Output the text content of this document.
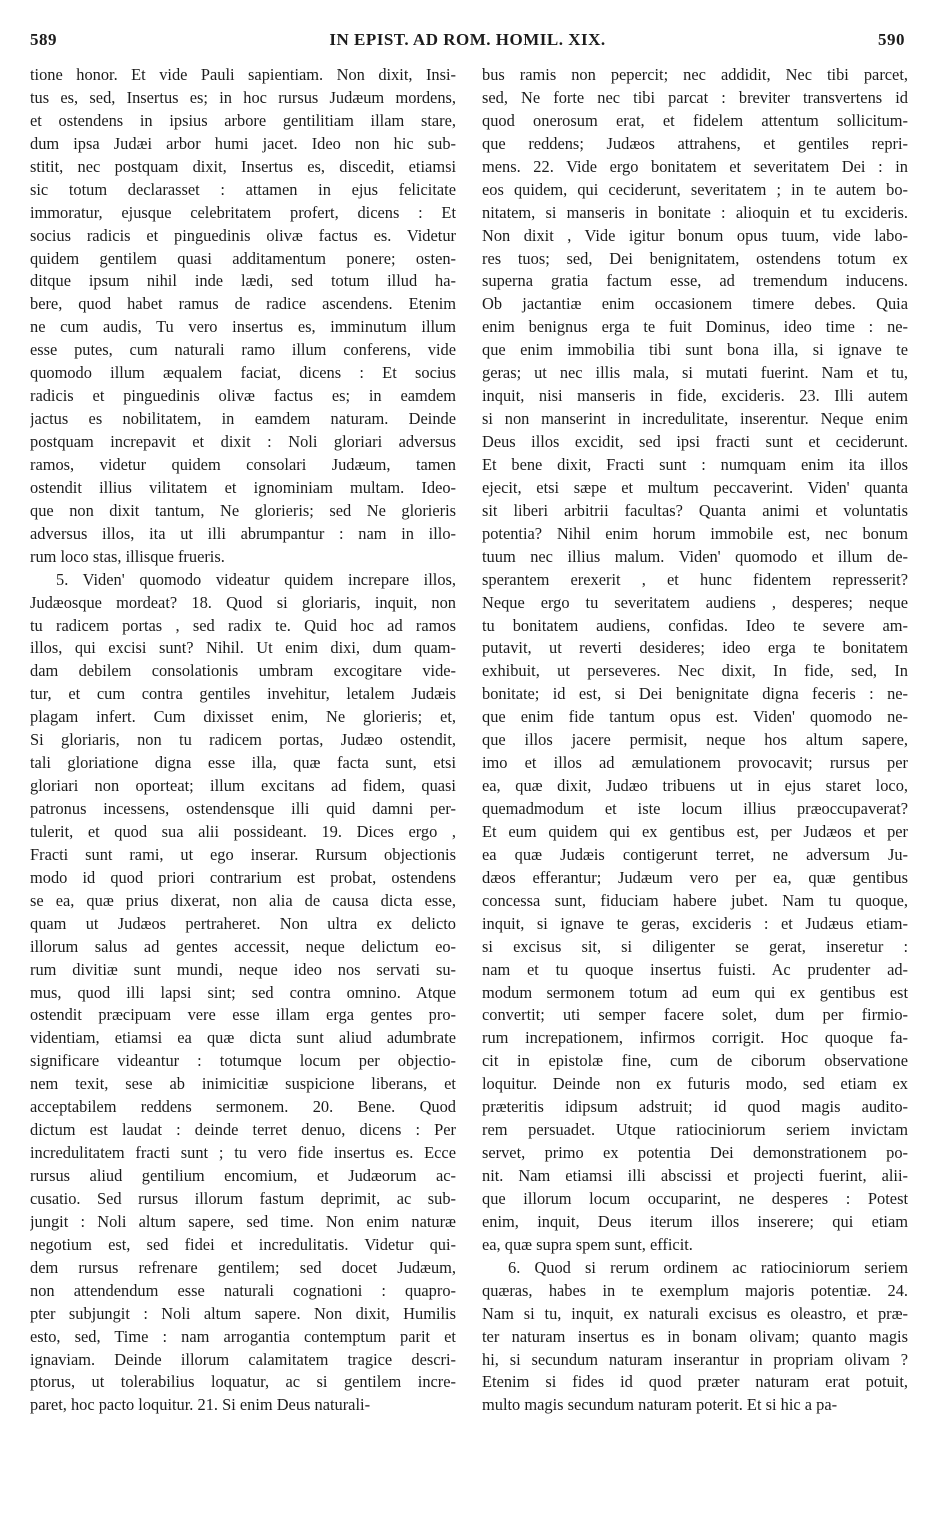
589	IN EPIST. AD ROM. HOMIL. XIX.	590
tione honor. Et vide Pauli sapientiam. Non dixit, Insi-
tus es, sed, Insertus es; in hoc rursus Judæum mordens,
et ostendens in ipsius arbore gentilitiam illam stare,
dum ipsa Judæi arbor humi jacet. Ideo non hic sub-
stitit, nec postquam dixit, Insertus es, discedit, etiamsi
sic totum declarasset : attamen in ejus felicitate
immoratur, ejusque celebritatem profert, dicens : Et
socius radicis et pinguedinis olivæ factus es. Videtur
quidem gentilem quasi additamentum ponere; osten-
ditque ipsum nihil inde lædi, sed totum illud ha-
bere, quod habet ramus de radice ascendens. Etenim
ne cum audis, Tu vero insertus es, imminutum illum
esse putes, cum naturali ramo illum conferens, vide
quomodo illum æqualem faciat, dicens : Et socius
radicis et pinguedinis olivæ factus es; in eamdem
jactus es nobilitatem, in eamdem naturam. Deinde
postquam increpavit et dixit : Noli gloriari adversus
ramos, videtur quidem consolari Judæum, tamen
ostendit illius vilitatem et ignominiam multam. Ideo-
que non dixit tantum, Ne glorieris; sed Ne glorieris
adversus illos, ita ut illi abrumpantur : nam in illo-
rum loco stas, illisque frueris.
5. Viden' quomodo videatur quidem increpare illos,
Judæosque mordeat? 18. Quod si gloriaris, inquit, non
tu radicem portas , sed radix te. Quid hoc ad ramos
illos, qui excisi sunt? Nihil. Ut enim dixi, dum quam-
dam debilem consolationis umbram excogitare vide-
tur, et cum contra gentiles invehitur, letalem Judæis
plagam infert. Cum dixisset enim, Ne glorieris; et,
Si gloriaris, non tu radicem portas, Judæo ostendit,
tali gloriatione digna esse illa, quæ facta sunt, etsi
gloriari non oporteat; illum excitans ad fidem, quasi
patronus incessens, ostendensque illi quid damni per-
tulerit, et quod sua alii possideant. 19. Dices ergo ,
Fracti sunt rami, ut ego inserar. Rursum objectionis
modo id quod priori contrarium est probat, ostendens
se ea, quæ prius dixerat, non alia de causa dicta esse,
quam ut Judæos pertraheret. Non ultra ex delicto
illorum salus ad gentes accessit, neque delictum eo-
rum divitiæ sunt mundi, neque ideo nos servati su-
mus, quod illi lapsi sint; sed contra omnino. Atque
ostendit præcipuam vere esse illam erga gentes pro-
videntiam, etiamsi ea quæ dicta sunt aliud adumbrate
significare videantur : totumque locum per objectio-
nem texit, sese ab inimicitiæ suspicione liberans, et
acceptabilem reddens sermonem. 20. Bene. Quod
dictum est laudat : deinde terret denuo, dicens : Per
incredulitatem fracti sunt ; tu vero fide insertus es. Ecce
rursus aliud gentilium encomium, et Judæorum ac-
cusatio. Sed rursus illorum fastum deprimit, ac sub-
jungit : Noli altum sapere, sed time. Non enim naturæ
negotium est, sed fidei et incredulitatis. Videtur qui-
dem rursus refrenare gentilem; sed docet Judæum,
non attendendum esse naturali cognationi : quapro-
pter subjungit : Noli altum sapere. Non dixit, Humilis
esto, sed, Time : nam arrogantia contemptum parit et
ignaviam. Deinde illorum calamitatem tragice descri-
ptorus, ut tolerabilius loquatur, ac si gentilem incre-
paret, hoc pacto loquitur. 21. Si enim Deus naturali-
bus ramis non pepercit; nec addidit, Nec tibi parcet,
sed, Ne forte nec tibi parcat : breviter transvertens id
quod onerosum erat, et fidelem attentum sollicitum-
que reddens; Judæos attrahens, et gentiles repri-
mens. 22. Vide ergo bonitatem et severitatem Dei : in
eos quidem, qui ceciderunt, severitatem ; in te autem bo-
nitatem, si manseris in bonitate : alioquin et tu excideris.
Non dixit , Vide igitur bonum opus tuum, vide labo-
res tuos; sed, Dei benignitatem, ostendens totum ex
superna gratia factum esse, ad tremendum inducens.
Ob jactantiæ enim occasionem timere debes. Quia
enim benignus erga te fuit Dominus, ideo time : ne-
que enim immobilia tibi sunt bona illa, si ignave te
geras; ut nec illis mala, si mutati fuerint. Nam et tu,
inquit, nisi manseris in fide, excideris. 23. Illi autem
si non manserint in incredulitate, inserentur. Neque enim
Deus illos excidit, sed ipsi fracti sunt et ceciderunt.
Et bene dixit, Fracti sunt : numquam enim ita illos
ejecit, etsi sæpe et multum peccaverint. Viden' quanta
sit liberi arbitrii facultas? Quanta animi et voluntatis
potentia? Nihil enim horum immobile est, nec bonum
tuum nec illius malum. Viden' quomodo et illum de-
sperantem erexerit , et hunc fidentem represserit?
Neque ergo tu severitatem audiens , desperes; neque
tu bonitatem audiens, confidas. Ideo te severe am-
putavit, ut reverti desideres; ideo erga te bonitatem
exhibuit, ut perseveres. Nec dixit, In fide, sed, In
bonitate; id est, si Dei benignitate digna feceris : ne-
que enim fide tantum opus est. Viden' quomodo ne-
que illos jacere permisit, neque hos altum sapere,
imo et illos ad æmulationem provocavit; rursus per
ea, quæ dixit, Judæo tribuens ut in ejus staret loco,
quemadmodum et iste locum illius præoccupaverat?
Et eum quidem qui ex gentibus est, per Judæos et per
ea quæ Judæis contigerunt terret, ne adversum Ju-
dæos efferantur; Judæum vero per ea, quæ gentibus
concessa sunt, fiduciam habere jubet. Nam tu quoque,
inquit, si ignave te geras, excideris : et Judæus etiam-
si excisus sit, si diligenter se gerat, inseretur :
nam et tu quoque insertus fuisti. Ac prudenter ad-
modum sermonem totum ad eum qui ex gentibus est
convertit; uti semper facere solet, dum per firmio-
rum increpationem, infirmos corrigit. Hoc quoque fa-
cit in epistolæ fine, cum de ciborum observatione
loquitur. Deinde non ex futuris modo, sed etiam ex
præteritis idipsum adstruit; id quod magis audito-
rem persuadet. Utque ratiociniorum seriem invictam
servet, primo ex potentia Dei demonstrationem po-
nit. Nam etiamsi illi abscissi et projecti fuerint, alii-
que illorum locum occuparint, ne desperes : Potest
enim, inquit, Deus iterum illos inserere; qui etiam
ea, quæ supra spem sunt, efficit.
6. Quod si rerum ordinem ac ratiociniorum seriem
quæras, habes in te exemplum majoris potentiæ. 24.
Nam si tu, inquit, ex naturali excisus es oleastro, et præ-
ter naturam insertus es in bonam olivam; quanto magis
hi, si secundum naturam inserantur in propriam olivam ?
Etenim si fides id quod præter naturam erat potuit,
multo magis secundum naturam poterit. Et si hic a pa-
